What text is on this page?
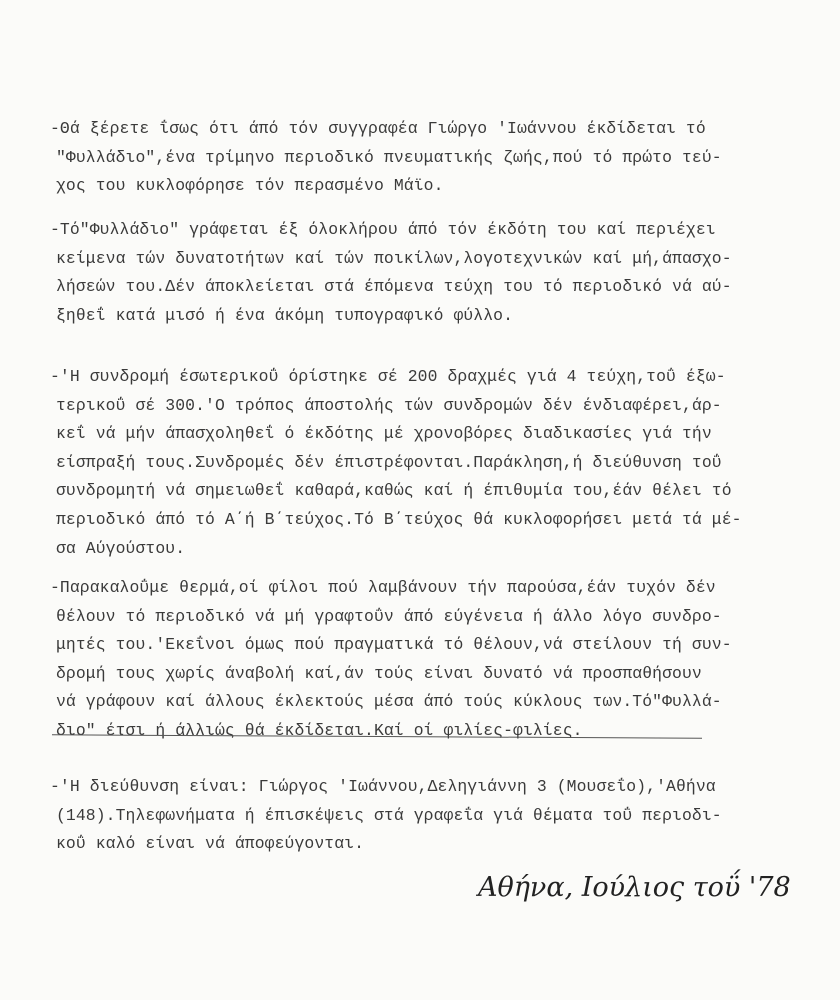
-Θά ξέρετε ΐσως ότι άπό τόν συγγραφέα Γιώργο 'Ιωάννου έκδίδεται τό
"Φυλλάδιο",ένα τρίμηνο περιοδικό πνευματικής ζωής,πού τό πρώτο τεύ-
χος του κυκλοφόρησε τόν περασμένο Μάϊο.
-Τό"Φυλλάδιο" γράφεται έξ όλοκλήρου άπό τόν έκδότη του καί περιέχει
κείμενα τών δυνατοτήτων καί τών ποικίλων,λογοτεχνικών καί μή,άπασχο-
λήσεών του.Δέν άποκλείεται στά έπόμενα τεύχη του τό περιοδικό νά αύ-
ξηθεΐ κατά μισό ή ένα άκόμη τυπογραφικό φύλλο.
-'Η συνδρομή έσωτερικοΰ όρίστηκε σέ 200 δραχμές γιά 4 τεύχη,τοΰ έξω-
τερικοΰ σέ 300.'Ο τρόπος άποστολής τών συνδρομών δέν ένδιαφέρει,άρ-
κεΐ νά μήν άπασχοληθεΐ ό έκδότης μέ χρονοβόρες διαδικασίες γιά τήν
είσπραξή τους.Συνδρομές δέν έπιστρέφονται.Παράκληση,ή διεύθυνση τοΰ
συνδρομητή νά σημειωθεΐ καθαρά,καθώς καί ή έπιθυμία του,έάν θέλει τό
περιοδικό άπό τό Α΄ή Β΄τεύχος.Τό Β΄τεύχος θά κυκλοφορήσει μετά τά μέ-
σα Αύγούστου.
-Παρακαλοΰμε θερμά,οί φίλοι πού λαμβάνουν τήν παρούσα,έάν τυχόν δέν
θέλουν τό περιοδικό νά μή γραφτοΰν άπό εύγένεια ή άλλο λόγο συνδρο-
μητές του.'Εκεΐνοι όμως πού πραγματικά τό θέλουν,νά στείλουν τή συν-
δρομή τους χωρίς άναβολή καί,άν τούς είναι δυνατό νά προσπαθήσουν
νά γράφουν καί άλλους έκλεκτούς μέσα άπό τούς κύκλους των.Τό"Φυλλά-
διο" έτσι ή άλλιώς θά έκδίδεται.Καί οί φιλίες-φιλίες.
-'Η διεύθυνση είναι: Γιώργος 'Ιωάννου,Δεληγιάννη 3 (Μουσεΐο),'Αθήνα
(148).Τηλεφωνήματα ή έπισκέψεις στά γραφεΐα γιά θέματα τοΰ περιοδι-
κοΰ καλό είναι νά άποφεύγονται.
Αθήνα, Ιούλιος τοΰ '78
